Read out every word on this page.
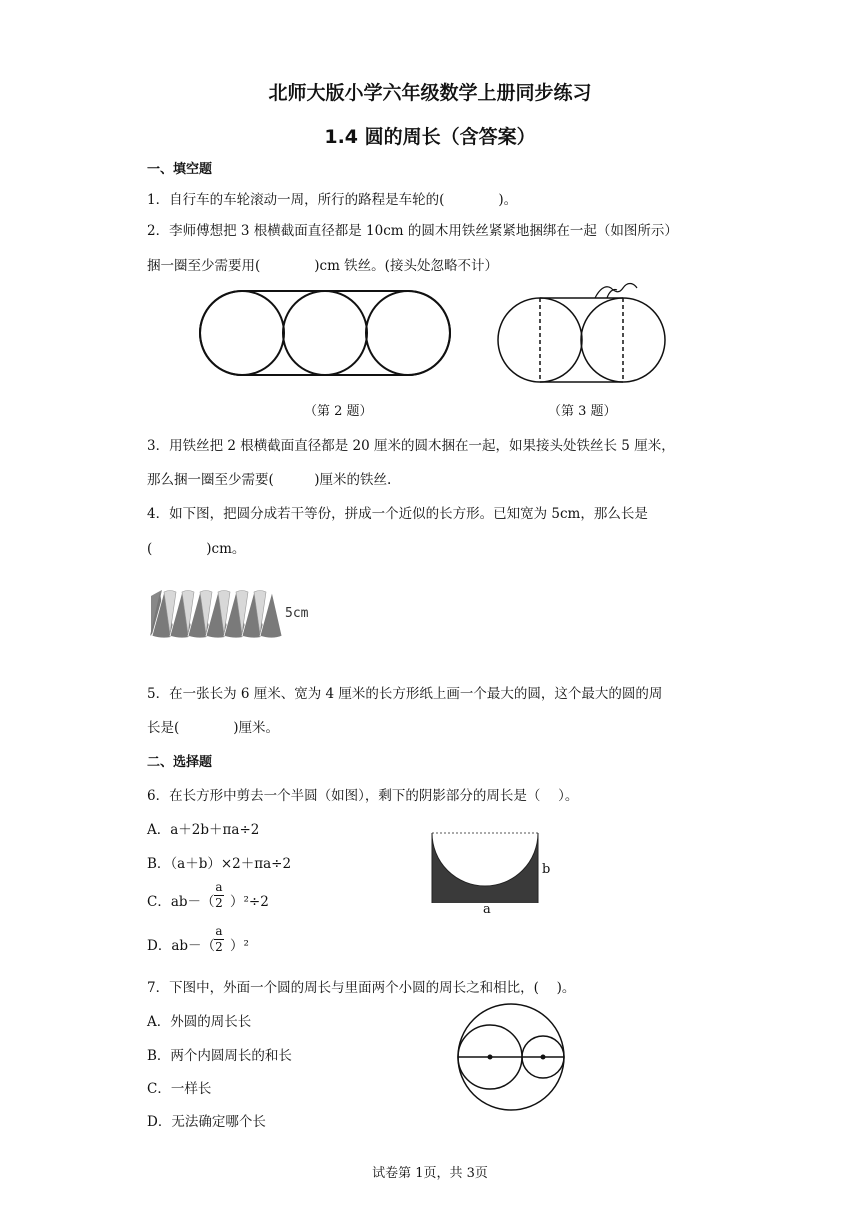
北师大版小学六年级数学上册同步练习
1.4 圆的周长（含答案）
一、填空题
1．自行车的车轮滚动一周，所行的路程是车轮的(　　　　)。
2．李师傅想把 3 根横截面直径都是 10cm 的圆木用铁丝紧紧地捆绑在一起（如图所示）
捆一圈至少需要用(　　　　)cm 铁丝。(接头处忽略不计）
（第 2 题）	（第 3 题）
3．用铁丝把 2 根横截面直径都是 20 厘米的圆木捆在一起，如果接头处铁丝长 5 厘米，
那么捆一圈至少需要(　　　)厘米的铁丝.
4．如下图，把圆分成若干等份，拼成一个近似的长方形。已知宽为 5cm，那么长是
(　　　　)cm。
5cm
5．在一张长为 6 厘米、宽为 4 厘米的长方形纸上画一个最大的圆，这个最大的圆的周
长是(　　　　)厘米。
二、选择题
6．在长方形中剪去一个半圆（如图），剩下的阴影部分的周长是（　 ）。
A．a＋2b＋πa÷2
B．（a＋b）×2＋πa÷2
C．ab－（
a
2 ）²÷2
D．ab－（
a
2 ）²
b
a
7．下图中，外面一个圆的周长与里面两个小圆的周长之和相比，(　 )。
A．外圆的周长长
B．两个内圆周长的和长
C．一样长
D．无法确定哪个长
试卷第 1页，共 3页
